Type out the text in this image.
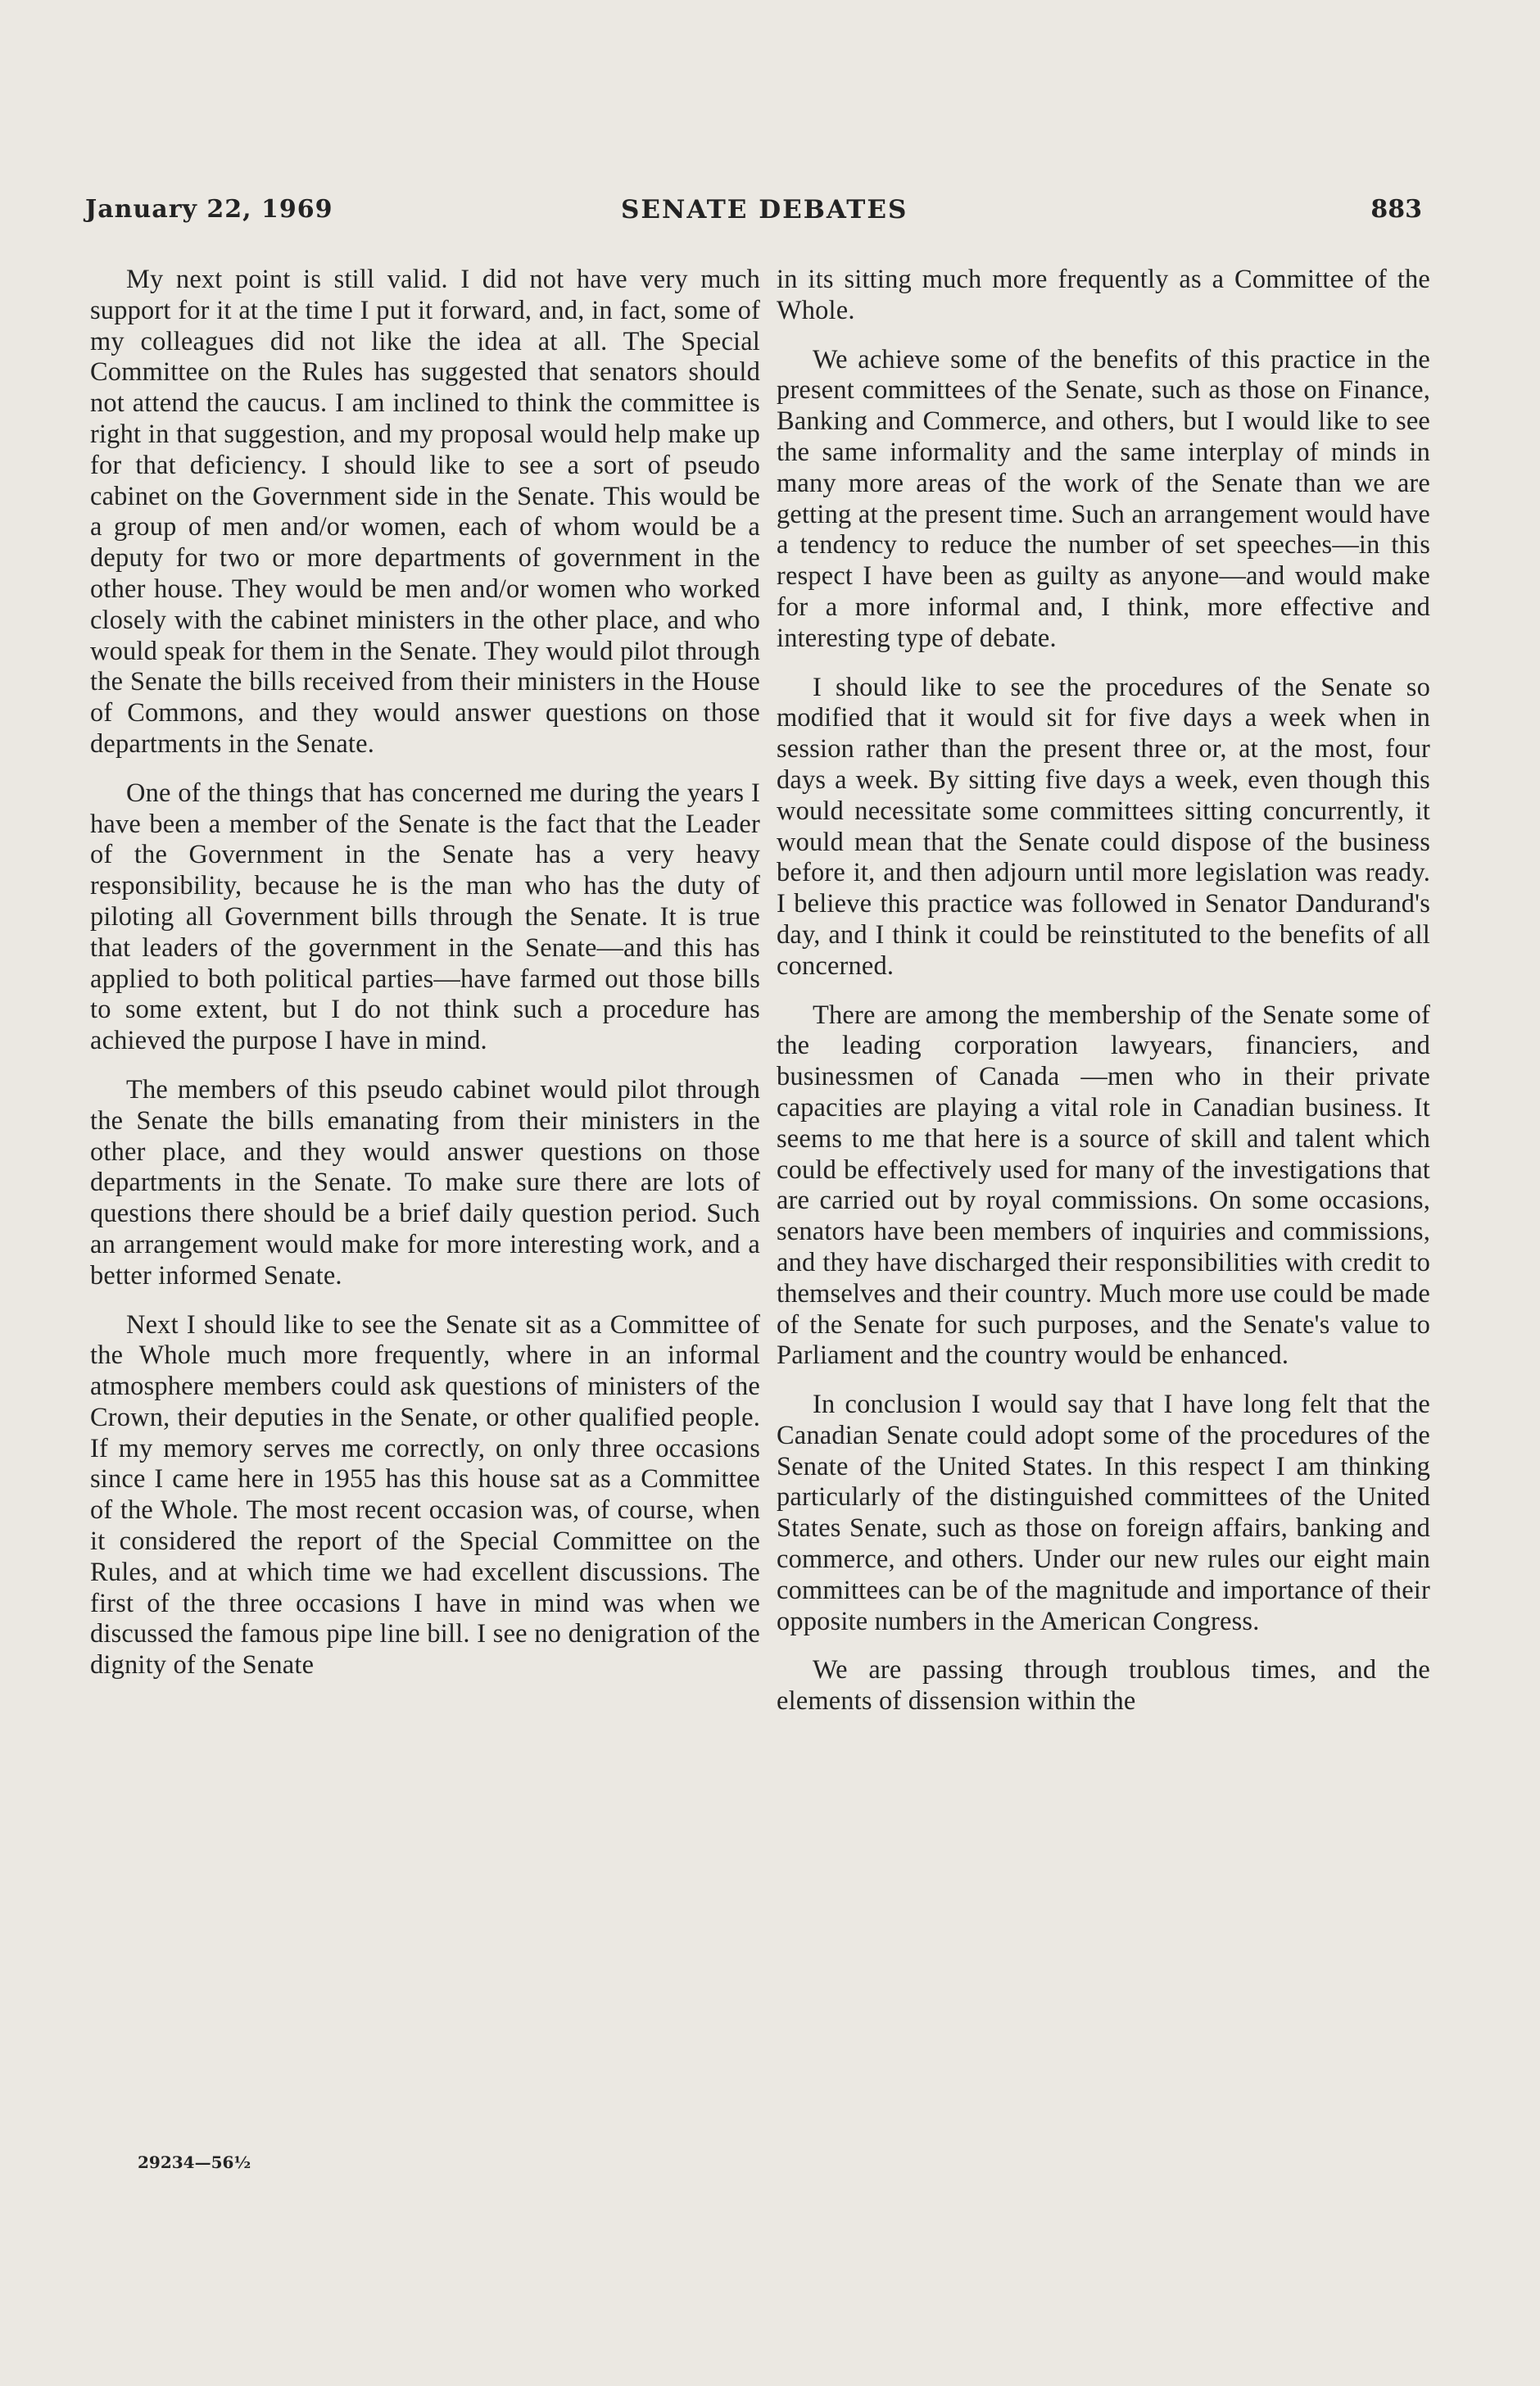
January 22, 1969	SENATE DEBATES	883

My next point is still valid. I did not have very much support for it at the time I put it forward, and, in fact, some of my colleagues did not like the idea at all. The Special Committee on the Rules has suggested that senators should not attend the caucus. I am inclined to think the committee is right in that suggestion, and my proposal would help make up for that deficiency. I should like to see a sort of pseudo cabinet on the Government side in the Senate. This would be a group of men and/or women, each of whom would be a deputy for two or more departments of government in the other house. They would be men and/or women who worked closely with the cabinet ministers in the other place, and who would speak for them in the Senate. They would pilot through the Senate the bills received from their ministers in the House of Commons, and they would answer questions on those departments in the Senate.

One of the things that has concerned me during the years I have been a member of the Senate is the fact that the Leader of the Government in the Senate has a very heavy responsibility, because he is the man who has the duty of piloting all Government bills through the Senate. It is true that leaders of the government in the Senate—and this has applied to both political parties—have farmed out those bills to some extent, but I do not think such a procedure has achieved the purpose I have in mind.

The members of this pseudo cabinet would pilot through the Senate the bills emanating from their ministers in the other place, and they would answer questions on those departments in the Senate. To make sure there are lots of questions there should be a brief daily question period. Such an arrangement would make for more interesting work, and a better informed Senate.

Next I should like to see the Senate sit as a Committee of the Whole much more frequently, where in an informal atmosphere members could ask questions of ministers of the Crown, their deputies in the Senate, or other qualified people. If my memory serves me correctly, on only three occasions since I came here in 1955 has this house sat as a Committee of the Whole. The most recent occasion was, of course, when it considered the report of the Special Committee on the Rules, and at which time we had excellent discussions. The first of the three occasions I have in mind was when we discussed the famous pipe line bill. I see no denigration of the dignity of the Senate

in its sitting much more frequently as a Committee of the Whole.

We achieve some of the benefits of this practice in the present committees of the Senate, such as those on Finance, Banking and Commerce, and others, but I would like to see the same informality and the same interplay of minds in many more areas of the work of the Senate than we are getting at the present time. Such an arrangement would have a tendency to reduce the number of set speeches—in this respect I have been as guilty as anyone—and would make for a more informal and, I think, more effective and interesting type of debate.

I should like to see the procedures of the Senate so modified that it would sit for five days a week when in session rather than the present three or, at the most, four days a week. By sitting five days a week, even though this would necessitate some committees sitting concurrently, it would mean that the Senate could dispose of the business before it, and then adjourn until more legislation was ready. I believe this practice was followed in Senator Dandurand's day, and I think it could be reinstituted to the benefits of all concerned.

There are among the membership of the Senate some of the leading corporation lawyears, financiers, and businessmen of Canada —men who in their private capacities are playing a vital role in Canadian business. It seems to me that here is a source of skill and talent which could be effectively used for many of the investigations that are carried out by royal commissions. On some occasions, senators have been members of inquiries and commissions, and they have discharged their responsibilities with credit to themselves and their country. Much more use could be made of the Senate for such purposes, and the Senate's value to Parliament and the country would be enhanced.

In conclusion I would say that I have long felt that the Canadian Senate could adopt some of the procedures of the Senate of the United States. In this respect I am thinking particularly of the distinguished committees of the United States Senate, such as those on foreign affairs, banking and commerce, and others. Under our new rules our eight main committees can be of the magnitude and importance of their opposite numbers in the American Congress.

We are passing through troublous times, and the elements of dissension within the

29234—56½
